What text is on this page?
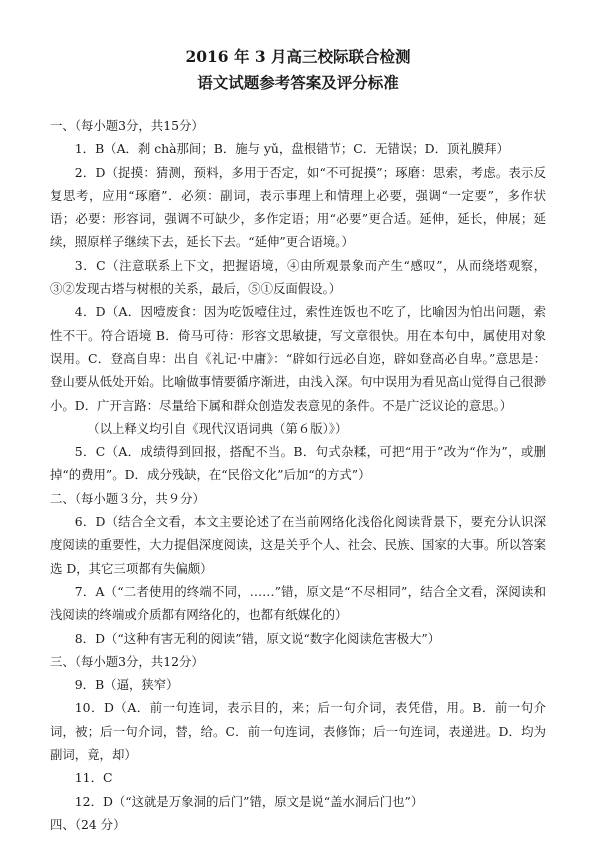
2016 年 3 月高三校际联合检测
语文试题参考答案及评分标准

一、（每小题3分，共15分）

1．B（A．刹 chà那间；B．施与 yǔ，盘根错节；C．无错误；D．顶礼膜拜）

2．D（捉摸：猜测，预料，多用于否定，如“不可捉摸”；琢磨：思索，考虑。表示反复思考，应用“琢磨”．必须：副词，表示事理上和情理上必要，强调“一定要”，多作状语；必要：形容词，强调不可缺少，多作定语；用“必要”更合适。延伸，延长，伸展；延续，照原样子继续下去，延长下去。“延伸”更合语境。）

3．C（注意联系上下文，把握语境，④由所观景象而产生“感叹”，从而绕塔观察，③②发现古塔与树根的关系，最后，⑤①反面假设。）

4．D（A．因噎废食：因为吃饭噎住过，索性连饭也不吃了，比喻因为怕出问题，索性不干。符合语境 B．倚马可待：形容文思敏捷，写文章很快。用在本句中，属使用对象误用。C．登高自卑：出自《礼记·中庸》：“辟如行远必自迩，辟如登高必自卑。”意思是：登山要从低处开始。比喻做事情要循序渐进，由浅入深。句中误用为看见高山觉得自己很渺小。D．广开言路：尽量给下属和群众创造发表意见的条件。不是广泛议论的意思。）

（以上释义均引自《现代汉语词典（第６版）》）

5．C（A．成绩得到回报，搭配不当。B．句式杂糅，可把“用于”改为“作为”，或删掉“的费用”。D．成分残缺，在“民俗文化”后加“的方式”）

二、（每小题３分，共９分）

6．D（结合全文看，本文主要论述了在当前网络化浅俗化阅读背景下，要充分认识深度阅读的重要性，大力提倡深度阅读，这是关乎个人、社会、民族、国家的大事。所以答案选 D，其它三项都有失偏颇）

7．A（“二者使用的终端不同，……”错，原文是“不尽相同”，结合全文看，深阅读和浅阅读的终端或介质都有网络化的，也都有纸媒化的）

8．D（“这种有害无利的阅读”错，原文说“数字化阅读危害极大”）

三、（每小题3分，共12分）

9．B（逼，狭窄）

10．D（A．前一句连词，表示目的，来；后一句介词，表凭借，用。B．前一句介词，被；后一句介词，替，给。C．前一句连词，表修饰；后一句连词，表递进。D．均为副词，竟，却）

11．C

12．D（“这就是万象洞的后门”错，原文是说“盖水洞后门也”）

四、（24 分）
